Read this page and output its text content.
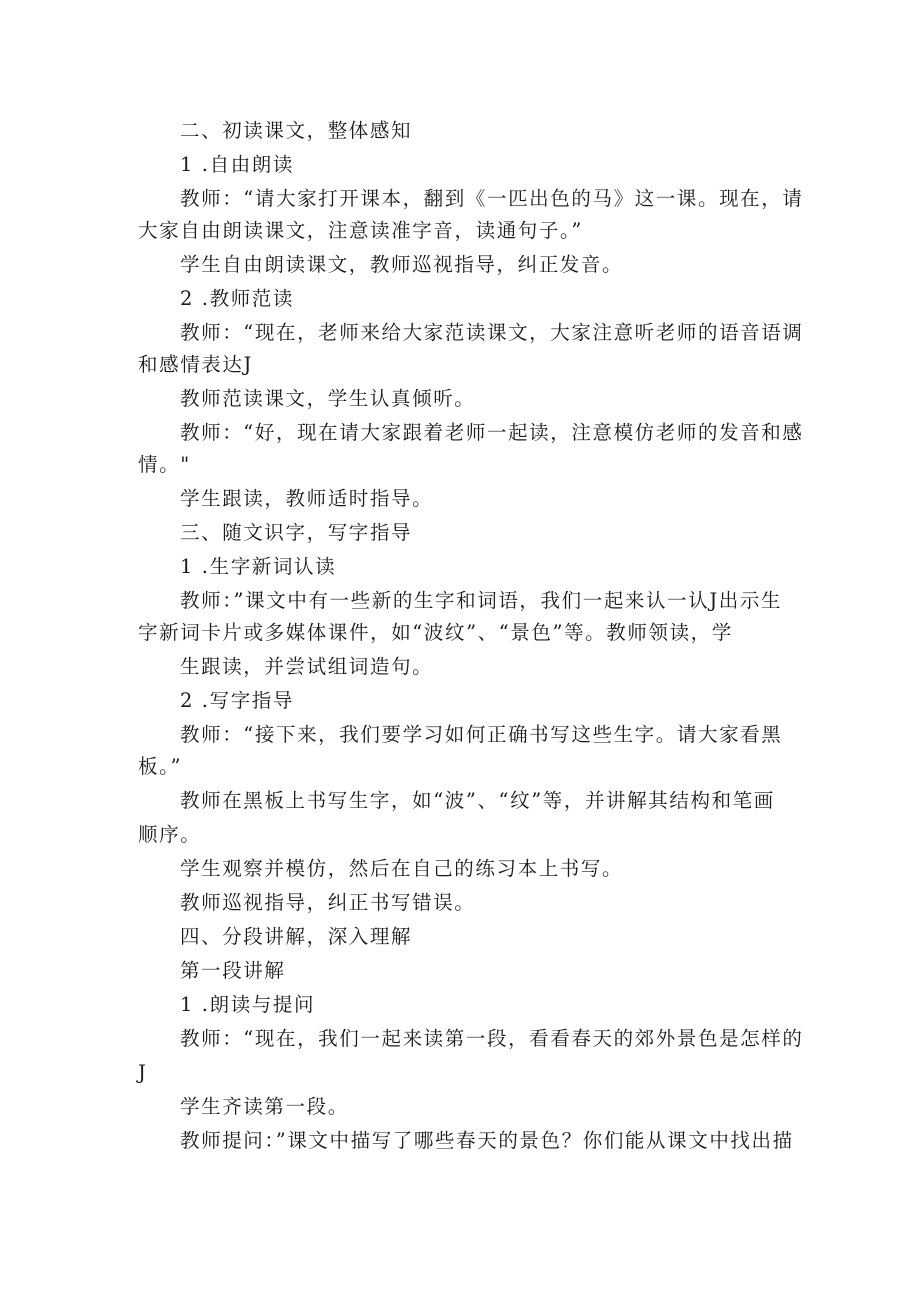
二、初读课文，整体感知
1 .自由朗读
教师：“请大家打开课本，翻到《一匹出色的马》这一课。现在，请
大家自由朗读课文，注意读准字音，读通句子。”
学生自由朗读课文，教师巡视指导，纠正发音。
2 .教师范读
教师：“现在，老师来给大家范读课文，大家注意听老师的语音语调
和感情表达J
教师范读课文，学生认真倾听。
教师：“好，现在请大家跟着老师一起读，注意模仿老师的发音和感
情。"
学生跟读，教师适时指导。
三、随文识字，写字指导
1 .生字新词认读
教师：”课文中有一些新的生字和词语，我们一起来认一认J出示生
字新词卡片或多媒体课件，如“波纹”、“景色”等。教师领读，学
生跟读，并尝试组词造句。
2 .写字指导
教师：“接下来，我们要学习如何正确书写这些生字。请大家看黑
板。”
教师在黑板上书写生字，如“波”、“纹”等，并讲解其结构和笔画
顺序。
学生观察并模仿，然后在自己的练习本上书写。
教师巡视指导，纠正书写错误。
四、分段讲解，深入理解
第一段讲解
1 .朗读与提问
教师：“现在，我们一起来读第一段，看看春天的郊外景色是怎样的
J
学生齐读第一段。
教师提问：”课文中描写了哪些春天的景色？你们能从课文中找出描
